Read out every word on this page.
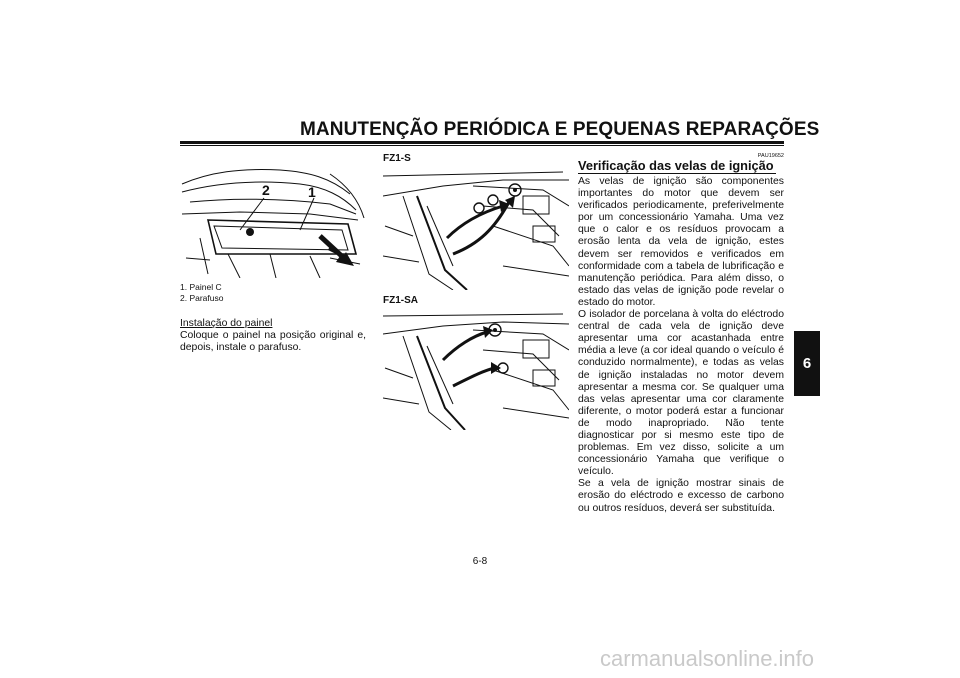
MANUTENÇÃO PERIÓDICA E PEQUENAS REPARAÇÕES
2	1
1. Painel C
2. Parafuso
Instalação do painel
Coloque o painel na posição original e, depois, instale o parafuso.
FZ1-S
FZ1-SA
PAU19652
Verificação das velas de ignição
As velas de ignição são componentes importantes do motor que devem ser verificados periodicamente, preferivelmente por um concessionário Yamaha. Uma vez que o calor e os resíduos provocam a erosão lenta da vela de ignição, estes devem ser removidos e verificados em conformidade com a tabela de lubrificação e manutenção periódica. Para além disso, o estado das velas de ignição pode revelar o estado do motor.
O isolador de porcelana à volta do eléctrodo central de cada vela de ignição deve apresentar uma cor acastanhada entre média a leve (a cor ideal quando o veículo é conduzido normalmente), e todas as velas de ignição instaladas no motor devem apresentar a mesma cor. Se qualquer uma das velas apresentar uma cor claramente diferente, o motor poderá estar a funcionar de modo inapropriado. Não tente diagnosticar por si mesmo este tipo de problemas. Em vez disso, solicite a um concessionário Yamaha que verifique o veículo.
Se a vela de ignição mostrar sinais de erosão do eléctrodo e excesso de carbono ou outros resíduos, deverá ser substituída.
6
6-8
carmanualsonline.info
